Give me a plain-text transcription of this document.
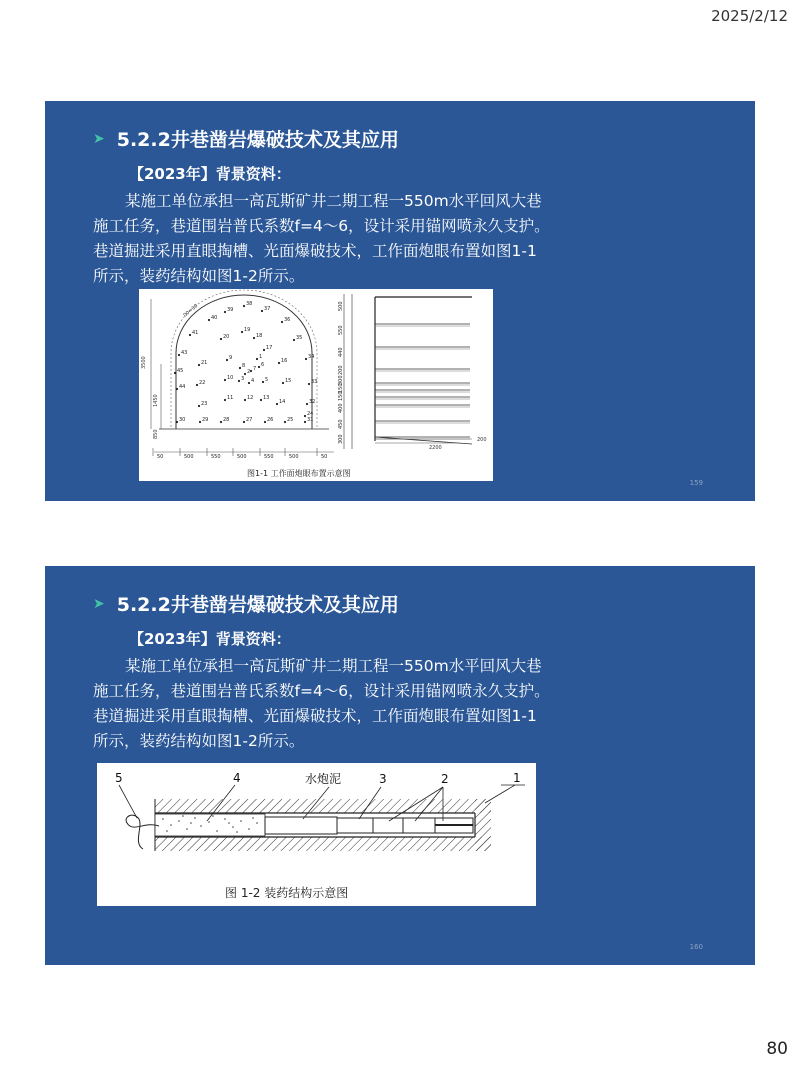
2025/2/12
➤ 5.2.2井巷凿岩爆破技术及其应用
【2023年】背景资料：
某施工单位承担一高瓦斯矿井二期工程一550m水平回风大巷
施工任务，巷道围岩普氏系数f=4～6，设计采用锚网喷永久支护。
巷道掘进采用直眼掏槽、光面爆破技术，工作面炮眼布置如图1-1
所示，装药结构如图1-2所示。
3500
1450
850
00=30
50	500	550	500	550	500	50
45
43
44
41
40
39
38
37
36
35
34
33
32
31
30	29	28	27	26	25
24
23
22
21
20
19
18
17
16
15
14
13
12
11
10
9
8 7
6
5
4
3
2
1
500
550
440
200
300
150
150
400
450
300
2200
200
图1-1 工作面炮眼布置示意图
159
➤ 5.2.2井巷凿岩爆破技术及其应用
【2023年】背景资料：
某施工单位承担一高瓦斯矿井二期工程一550m水平回风大巷
施工任务，巷道围岩普氏系数f=4～6，设计采用锚网喷永久支护。
巷道掘进采用直眼掏槽、光面爆破技术，工作面炮眼布置如图1-1
所示，装药结构如图1-2所示。
5	4	水炮泥	3	2	1
图 1-2 装药结构示意图
160
80
